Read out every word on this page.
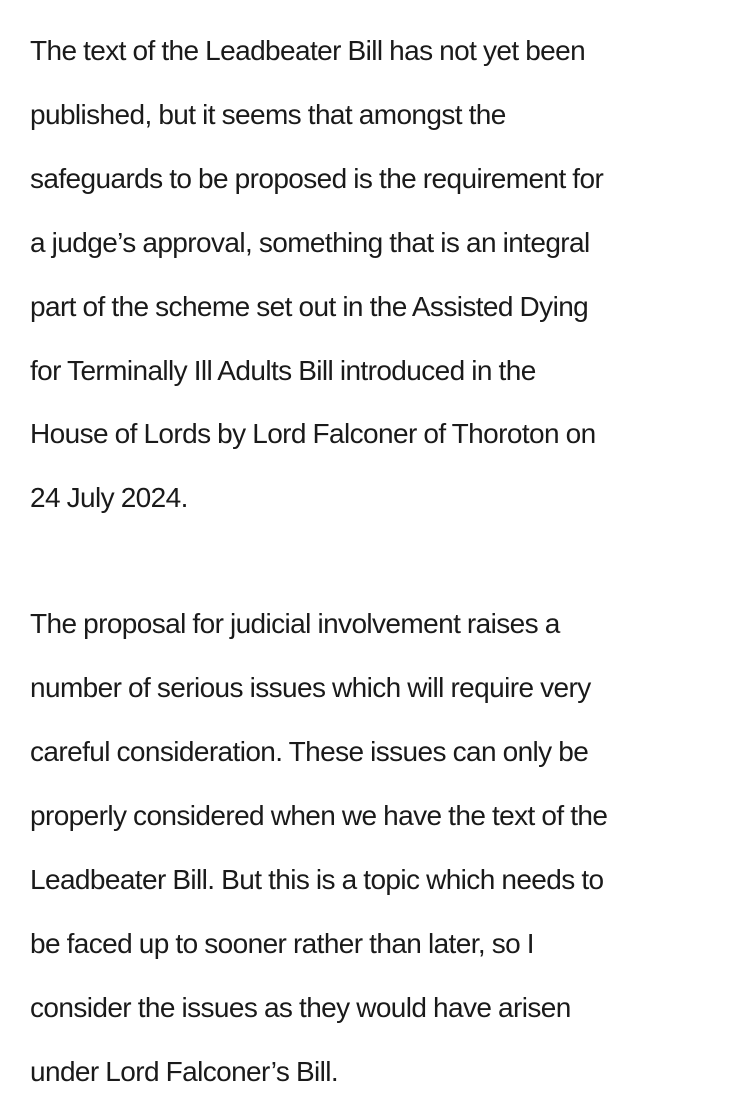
The text of the Leadbeater Bill has not yet been
published, but it seems that amongst the
safeguards to be proposed is the requirement for
a judge’s approval, something that is an integral
part of the scheme set out in the Assisted Dying
for Terminally Ill Adults Bill introduced in the
House of Lords by Lord Falconer of Thoroton on
24 July 2024.

The proposal for judicial involvement raises a
number of serious issues which will require very
careful consideration. These issues can only be
properly considered when we have the text of the
Leadbeater Bill. But this is a topic which needs to
be faced up to sooner rather than later, so I
consider the issues as they would have arisen
under Lord Falconer’s Bill.
